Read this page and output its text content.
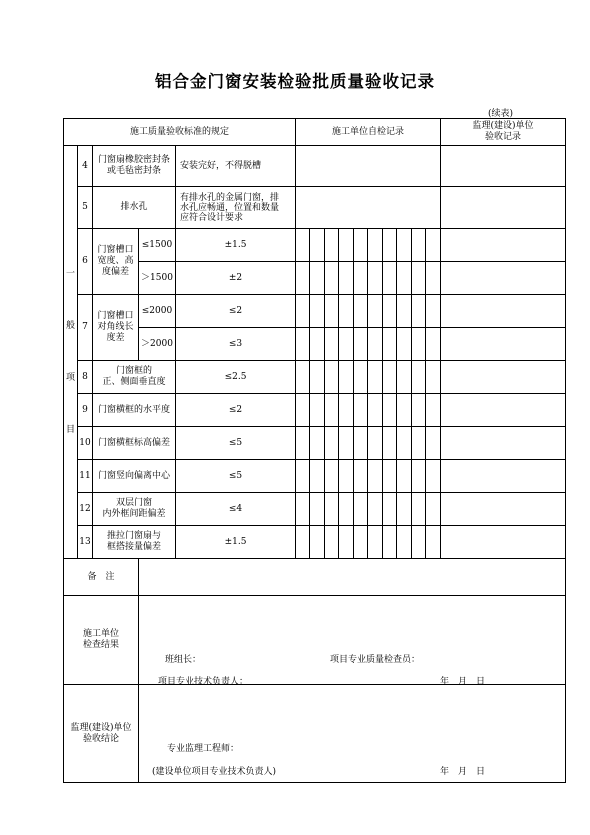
铝合金门窗安装检验批质量验收记录
(续表)
施工质量验收标准的规定					施工单位自检记录										监理(建设)单位
验收记录
一

般

项

目	4	门窗扇橡胶密封条
或毛毡密封条		安装完好，不得脱槽											
	5	排水孔		有排水孔的金属门窗，排
水孔应畅通，位置和数量
应符合设计要求											
	6	门窗槽口
宽度、高
度偏差	≤1500	±1.5											
			＞1500	±2											
	7	门窗槽口
对角线长
度差	≤2000	≤2											
			＞2000	≤3											
	8	门窗框的
正、侧面垂直度		≤2.5											
	9	门窗横框的水平度		≤2											
	10	门窗横框标高偏差		≤5											
	11	门窗竖向偏离中心		≤5											
	12	双层门窗
内外框间距偏差		≤4											
	13	推拉门窗扇与
框搭接量偏差		±1.5											
备　注															
施工单位
检查结果															
监理(建设)单位
验收结论															
班组长：	项目专业质量检查员：
项目专业技术负责人：	年　月　日
专业监理工程师：
(建设单位项目专业技术负责人)	年　月　日
